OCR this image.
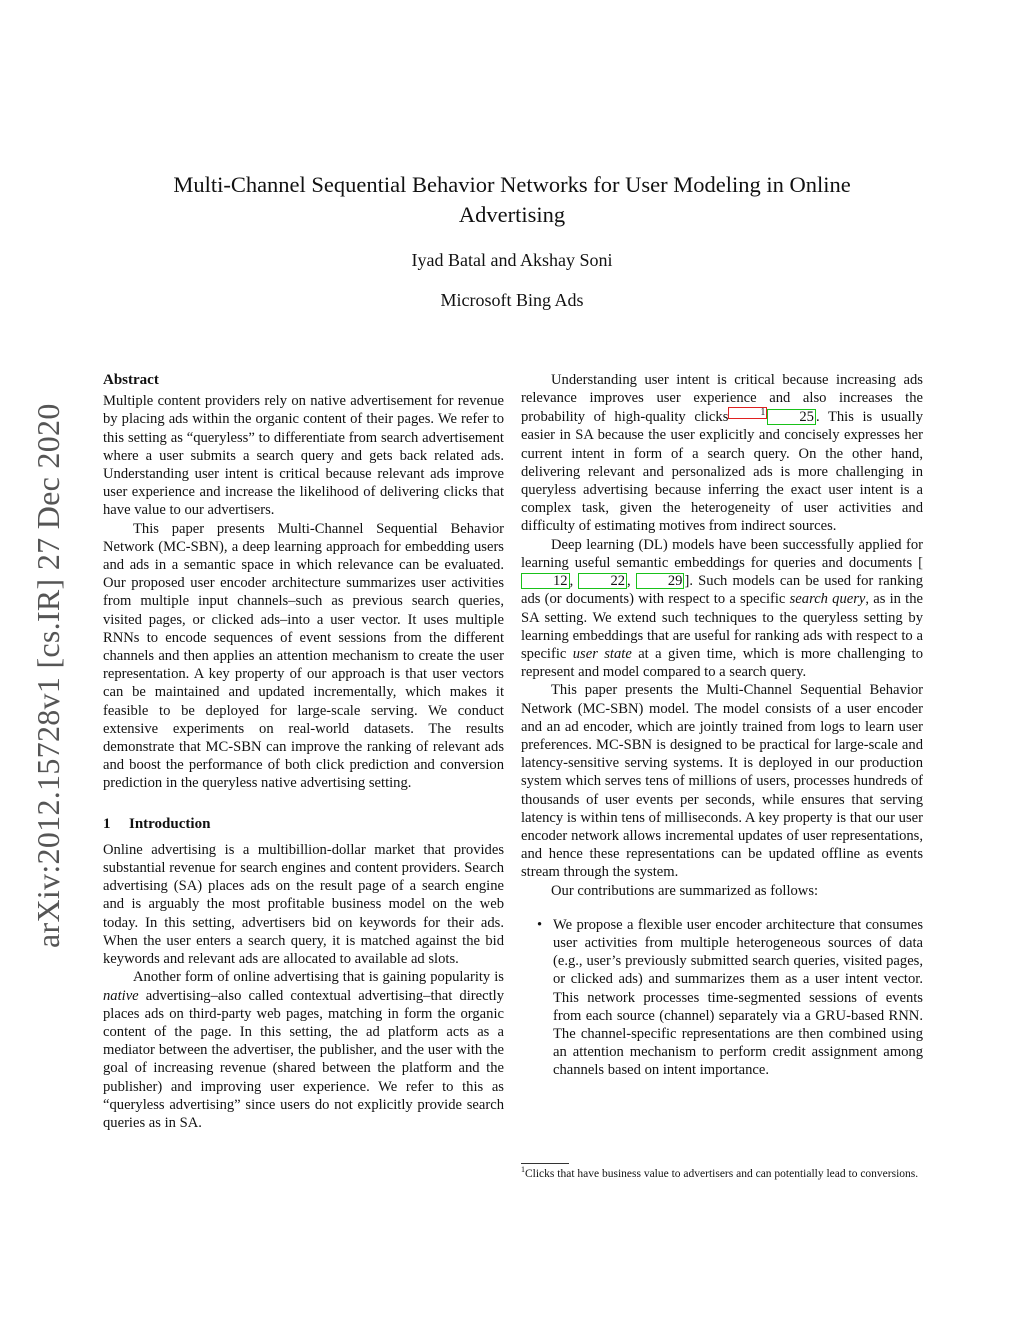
arXiv:2012.15728v1 [cs.IR] 27 Dec 2020
Multi-Channel Sequential Behavior Networks for User Modeling in Online Advertising
Iyad Batal and Akshay Soni
Microsoft Bing Ads
Abstract

Multiple content providers rely on native advertisement for revenue by placing ads within the organic content of their pages. We refer to this setting as “queryless” to differentiate from search advertisement where a user submits a search query and gets back related ads. Understanding user intent is critical because relevant ads improve user experience and increase the likelihood of delivering clicks that have value to our advertisers.

This paper presents Multi-Channel Sequential Behavior Network (MC-SBN), a deep learning approach for embedding users and ads in a semantic space in which relevance can be evaluated. Our proposed user encoder architecture summarizes user activities from multiple input channels–such as previous search queries, visited pages, or clicked ads–into a user vector. It uses multiple RNNs to encode sequences of event sessions from the different channels and then applies an attention mechanism to create the user representation. A key property of our approach is that user vectors can be maintained and updated incrementally, which makes it feasible to be deployed for large-scale serving. We conduct extensive experiments on real-world datasets. The results demonstrate that MC-SBN can improve the ranking of relevant ads and boost the performance of both click prediction and conversion prediction in the queryless native advertising setting.

1 Introduction

Online advertising is a multibillion-dollar market that provides substantial revenue for search engines and content providers. Search advertising (SA) places ads on the result page of a search engine and is arguably the most profitable business model on the web today. In this setting, advertisers bid on keywords for their ads. When the user enters a search query, it is matched against the bid keywords and relevant ads are allocated to available ad slots.

Another form of online advertising that is gaining popularity is native advertising–also called contextual advertising–that directly places ads on third-party web pages, matching in form the organic content of the page. In this setting, the ad platform acts as a mediator between the advertiser, the publisher, and the user with the goal of increasing revenue (shared between the platform and the publisher) and improving user experience. We refer to this as “queryless advertising” since users do not explicitly provide search queries as in SA.

Understanding user intent is critical because increasing ads relevance improves user experience and also increases the probability of high-quality clicks	1 25 . This is usually easier in SA because the user explicitly and concisely expresses her current intent in form of a search query. On the other hand, delivering relevant and personalized ads is more challenging in queryless advertising because inferring the exact user intent is a complex task, given the heterogeneity of user activities and difficulty of estimating motives from indirect sources.

Deep learning (DL) models have been successfully applied for learning useful semantic embeddings for queries and documents [12 , 22 , 29 ]. Such models can be used for ranking ads (or documents) with respect to a specific search query, as in the SA setting. We extend such techniques to the queryless setting by learning embeddings that are useful for ranking ads with respect to a specific user state at a given time, which is more challenging to represent and model compared to a search query.

This paper presents the Multi-Channel Sequential Behavior Network (MC-SBN) model. The model consists of a user encoder and an ad encoder, which are jointly trained from logs to learn user preferences. MC-SBN is designed to be practical for large-scale and latency-sensitive serving systems. It is deployed in our production system which serves tens of millions of users, processes hundreds of thousands of user events per seconds, while ensures that serving latency is within tens of milliseconds. A key property is that our user encoder network allows incremental updates of user representations, and hence these representations can be updated offline as events stream through the system.

Our contributions are summarized as follows:

• We propose a flexible user encoder architecture that consumes user activities from multiple heterogeneous sources of data (e.g., user’s previously submitted search queries, visited pages, or clicked ads) and summarizes them as a user intent vector. This network processes time-segmented sessions of events from each source (channel) separately via a GRU-based RNN. The channel-specific representations are then combined using an attention mechanism to perform credit assignment among channels based on intent importance.
$^1$Clicks that have business value to advertisers and can potentially lead to conversions.
